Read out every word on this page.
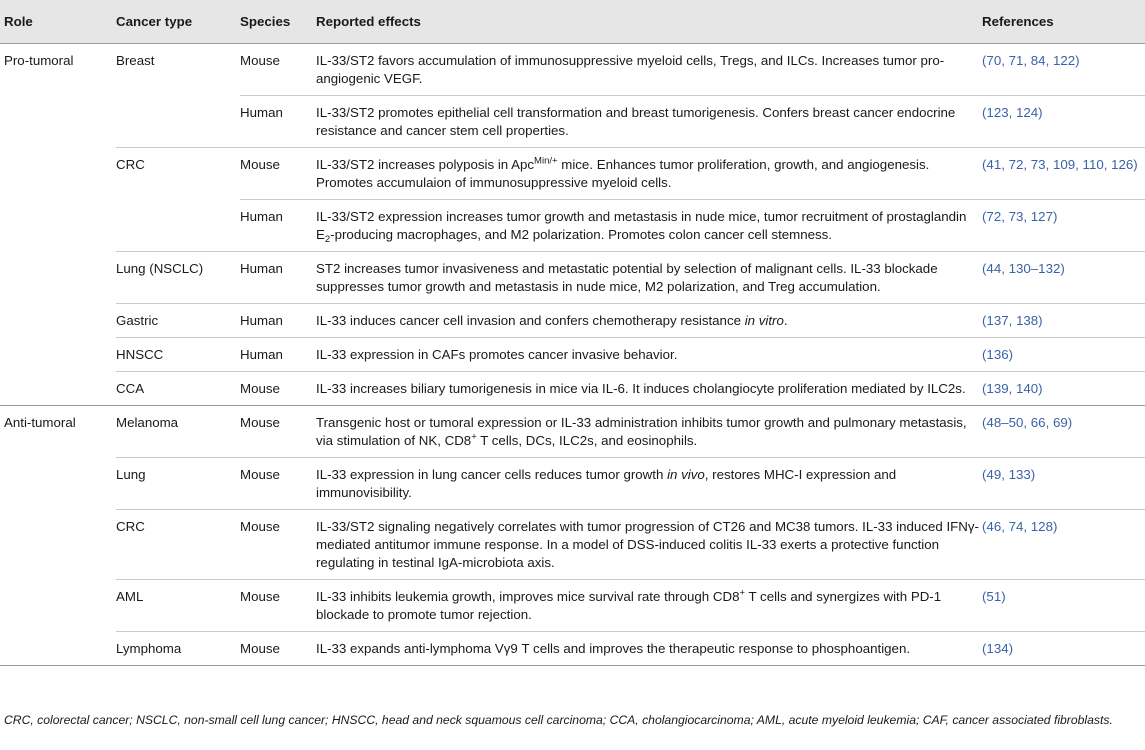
Role	Cancer type	Species	Reported effects	References
Pro-tumoral	Breast	Mouse	IL-33/ST2 favors accumulation of immunosuppressive myeloid cells, Tregs, and ILCs. Increases tumor pro-angiogenic VEGF.	(70, 71, 84, 122)
		Human	IL-33/ST2 promotes epithelial cell transformation and breast tumorigenesis. Confers breast cancer endocrine resistance and cancer stem cell properties.	(123, 124)
	CRC	Mouse	IL-33/ST2 increases polyposis in Apc$^{Min/+}$ mice. Enhances tumor proliferation, growth, and angiogenesis. Promotes accumulaion of immunosuppressive myeloid cells.	(41, 72, 73, 109, 110, 126)
		Human	IL-33/ST2 expression increases tumor growth and metastasis in nude mice, tumor recruitment of prostaglandin $E_2$-producing macrophages, and M2 polarization. Promotes colon cancer cell stemness.	(72, 73, 127)
	Lung (NSCLC)	Human	ST2 increases tumor invasiveness and metastatic potential by selection of malignant cells. IL-33 blockade suppresses tumor growth and metastasis in nude mice, M2 polarization, and Treg accumulation.	(44, 130–132)
	Gastric	Human	IL-33 induces cancer cell invasion and confers chemotherapy resistance in vitro.	(137, 138)
	HNSCC	Human	IL-33 expression in CAFs promotes cancer invasive behavior.	(136)
	CCA	Mouse	IL-33 increases biliary tumorigenesis in mice via IL-6. It induces cholangiocyte proliferation mediated by ILC2s.	(139, 140)
Anti-tumoral	Melanoma	Mouse	Transgenic host or tumoral expression or IL-33 administration inhibits tumor growth and pulmonary metastasis, via stimulation of NK, CD8+ T cells, DCs, ILC2s, and eosinophils.	(48–50, 66, 69)
	Lung	Mouse	IL-33 expression in lung cancer cells reduces tumor growth in vivo, restores MHC-I expression and immunovisibility.	(49, 133)
	CRC	Mouse	IL-33/ST2 signaling negatively correlates with tumor progression of CT26 and MC38 tumors. IL-33 induced IFNγ-mediated antitumor immune response. In a model of DSS-induced colitis IL-33 exerts a protective function regulating in testinal IgA-microbiota axis.	(46, 74, 128)
	AML	Mouse	IL-33 inhibits leukemia growth, improves mice survival rate through CD8+ T cells and synergizes with PD-1 blockade to promote tumor rejection.	(51)
	Lymphoma	Mouse	IL-33 expands anti-lymphoma Vγ9 T cells and improves the therapeutic response to phosphoantigen.	(134)
CRC, colorectal cancer; NSCLC, non-small cell lung cancer; HNSCC, head and neck squamous cell carcinoma; CCA, cholangiocarcinoma; AML, acute myeloid leukemia; CAF, cancer associated fibroblasts.
